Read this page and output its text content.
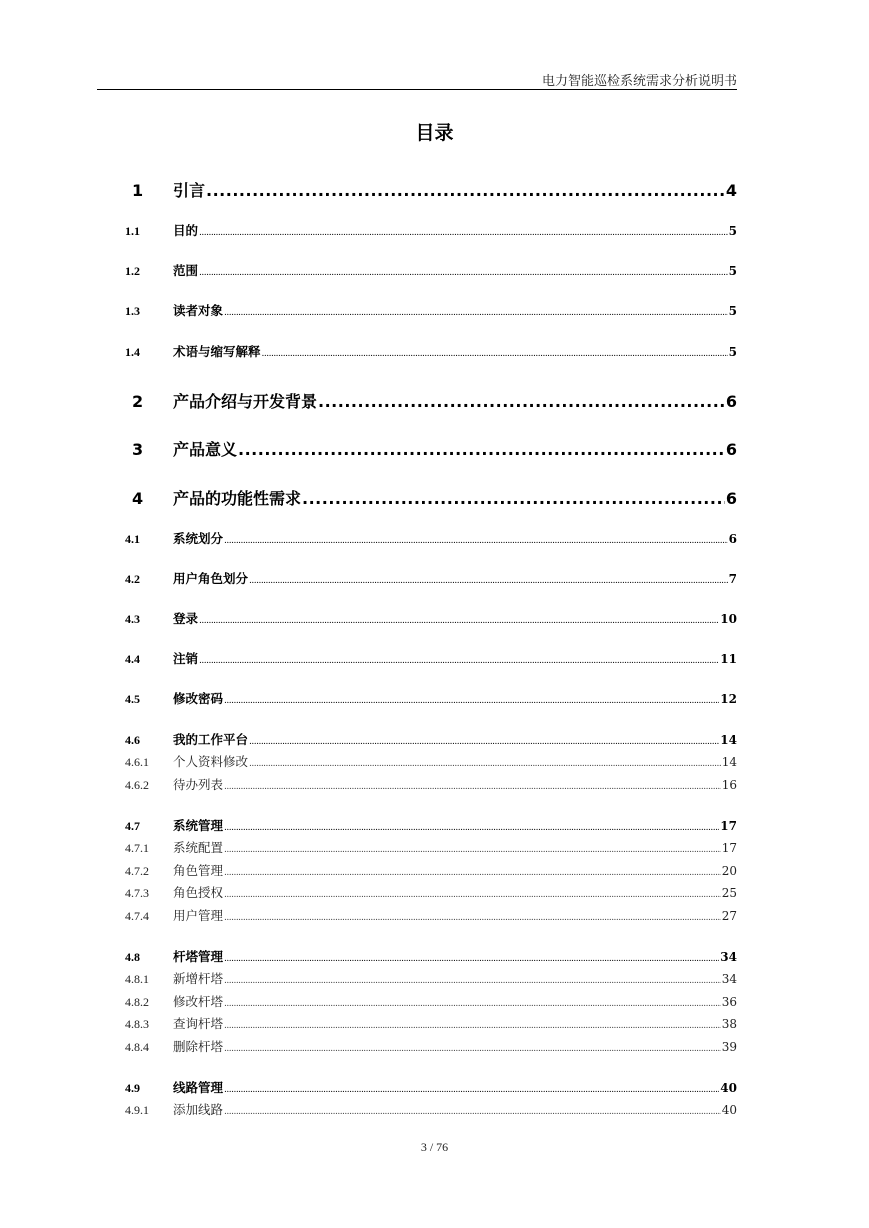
电力智能巡检系统需求分析说明书
目录
1	引言 .....	4
1.1	目的 .....	5
1.2	范围 .....	5
1.3	读者对象 .....	5
1.4	术语与缩写解释 .....	5
2	产品介绍与开发背景 .....	6
3	产品意义 .....	6
4	产品的功能性需求 .....	6
4.1	系统划分 .....	6
4.2	用户角色划分 .....	7
4.3	登录 .....	10
4.4	注销 .....	11
4.5	修改密码 .....	12
4.6	我的工作平台 .....	14
4.6.1	个人资料修改 .....	14
4.6.2	待办列表 .....	16
4.7	系统管理 .....	17
4.7.1	系统配置 .....	17
4.7.2	角色管理 .....	20
4.7.3	角色授权 .....	25
4.7.4	用户管理 .....	27
4.8	杆塔管理 .....	34
4.8.1	新增杆塔 .....	34
4.8.2	修改杆塔 .....	36
4.8.3	查询杆塔 .....	38
4.8.4	删除杆塔 .....	39
4.9	线路管理 .....	40
4.9.1	添加线路 .....	40
3 / 76
